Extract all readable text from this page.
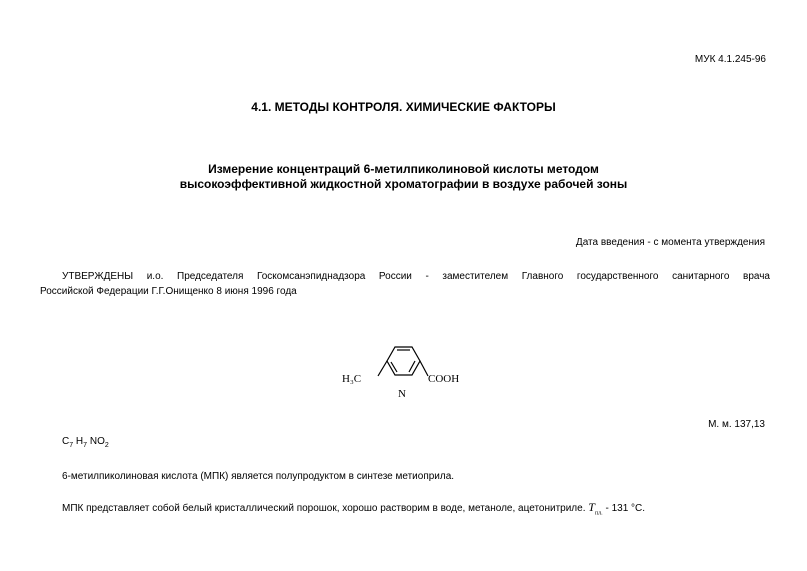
МУК 4.1.245-96
4.1. МЕТОДЫ КОНТРОЛЯ. ХИМИЧЕСКИЕ ФАКТОРЫ
Измерение концентраций 6-метилпиколиновой кислоты методом
высокоэффективной жидкостной хроматографии в воздухе рабочей зоны
Дата введения - с момента утверждения
УТВЕРЖДЕНЫ и.о. Председателя Госкомсанэпиднадзора России - заместителем Главного государственного санитарного врача
Российской Федерации Г.Г.Онищенко 8 июня 1996 года
H₃C	COOH
N
М. м. 137,13
$C_7$ $H_7$ $NO_2$
6-метилпиколиновая кислота (МПК) является полупродуктом в синтезе метиоприла.
МПК представляет собой белый кристаллический порошок, хорошо растворим в воде, метаноле, ацетонитриле. $Т_{пл.} - 131$ °С.
